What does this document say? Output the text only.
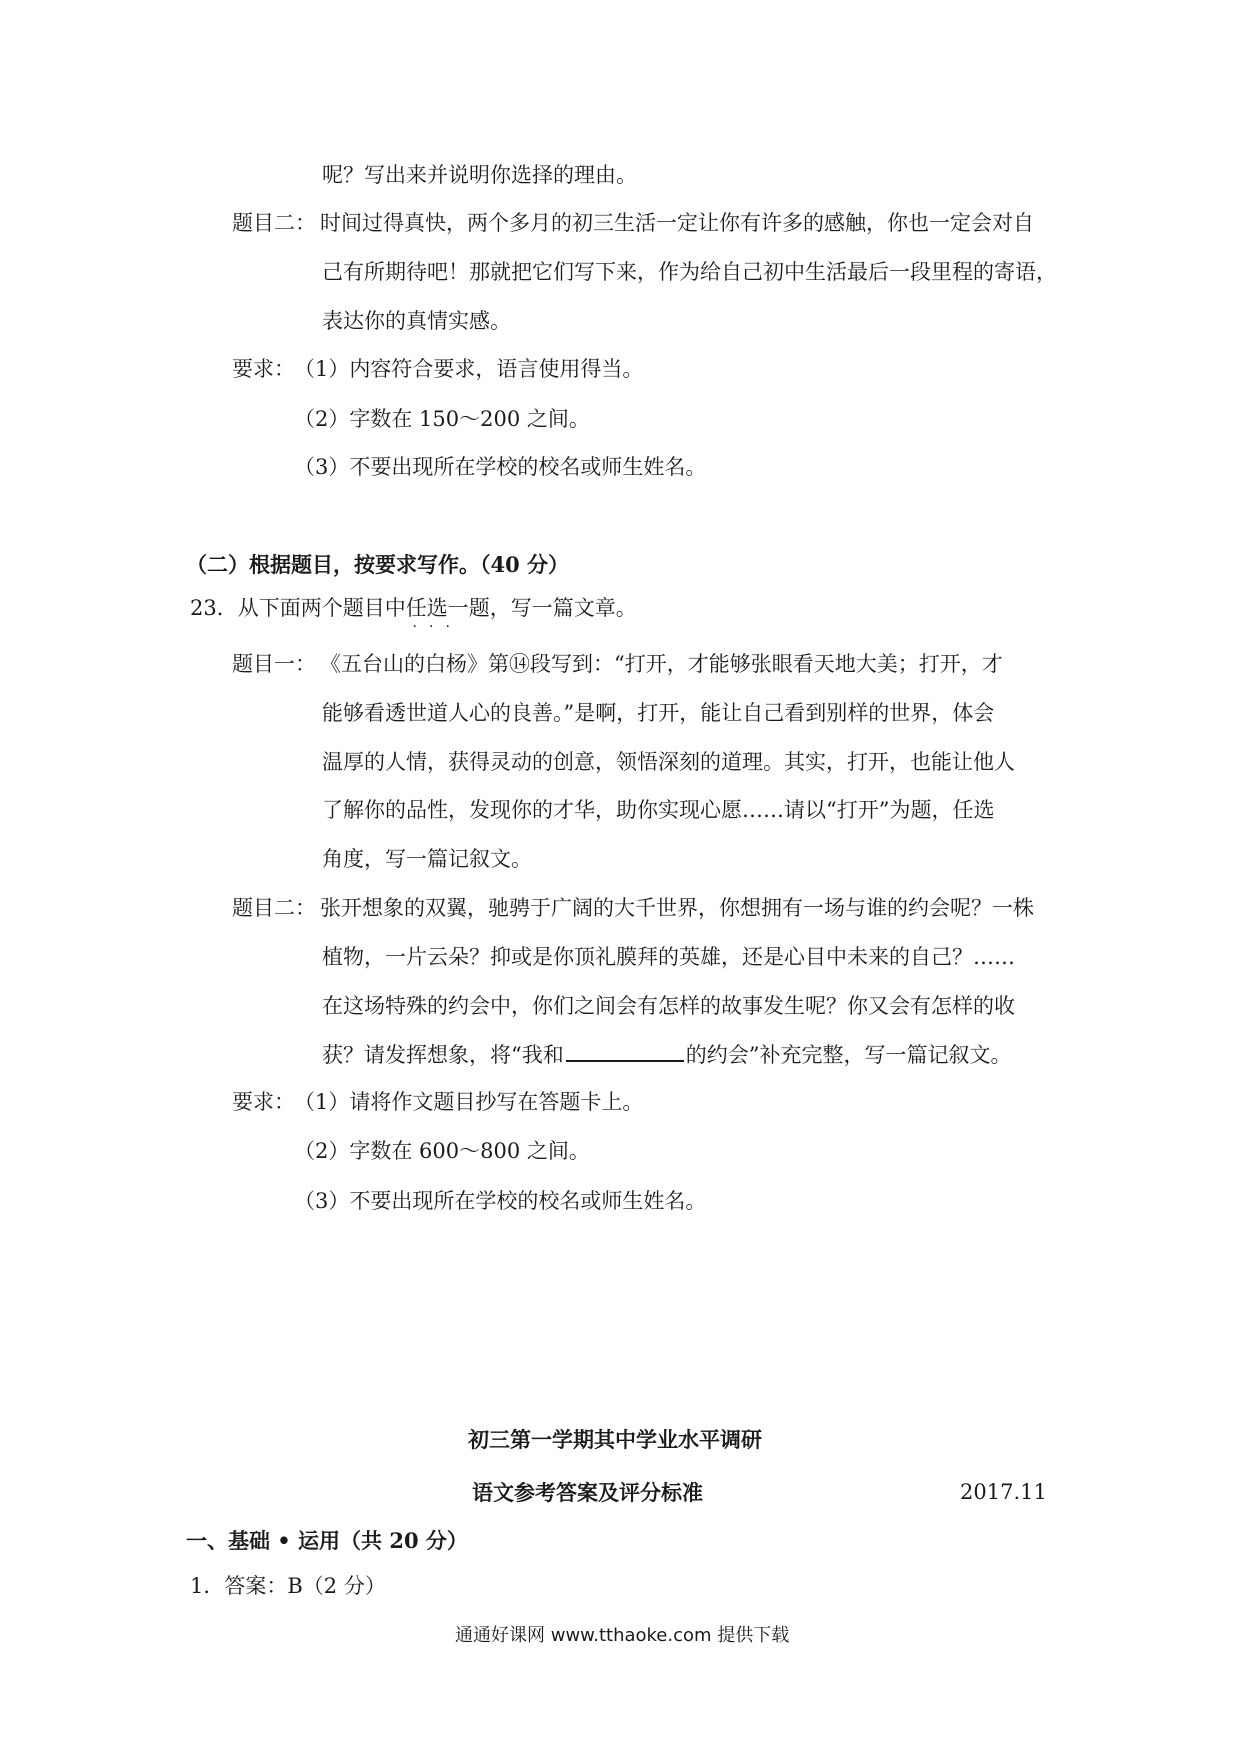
呢？写出来并说明你选择的理由。
题目二： 时间过得真快，两个多月的初三生活一定让你有许多的感触，你也一定会对自
己有所期待吧！那就把它们写下来，作为给自己初中生活最后一段里程的寄语，
表达你的真情实感。
要求： （1）内容符合要求，语言使用得当。
（2）字数在 150～200 之间。
（3）不要出现所在学校的校名或师生姓名。
（二）根据题目，按要求写作。（40 分）
23．从下面两个题目中任选一
···
题，写一篇文章。
题目一： 《五台山的白杨》第⑭段写到：“打开，才能够张眼看天地大美；打开，才
能够看透世道人心的良善。”是啊，打开，能让自己看到别样的世界，体会
温厚的人情，获得灵动的创意，领悟深刻的道理。其实，打开，也能让他人
了解你的品性，发现你的才华，助你实现心愿……请以“打开”为题，任选
角度，写一篇记叙文。
题目二： 张开想象的双翼，驰骋于广阔的大千世界，你想拥有一场与谁的约会呢？一株
植物，一片云朵？抑或是你顶礼膜拜的英雄，还是心目中未来的自己？……
在这场特殊的约会中，你们之间会有怎样的故事发生呢？你又会有怎样的收
获？请发挥想象，将“我和	的约会”补充完整，写一篇记叙文。
要求： （1）请将作文题目抄写在答题卡上。
（2）字数在 600～800 之间。
（3）不要出现所在学校的校名或师生姓名。
初三第一学期其中学业水平调研
语文参考答案及评分标准	2017.11
一、基础 • 运用（共 20 分）
1．答案：B（2 分）
通通好课网 www.tthaoke.com 提供下载
